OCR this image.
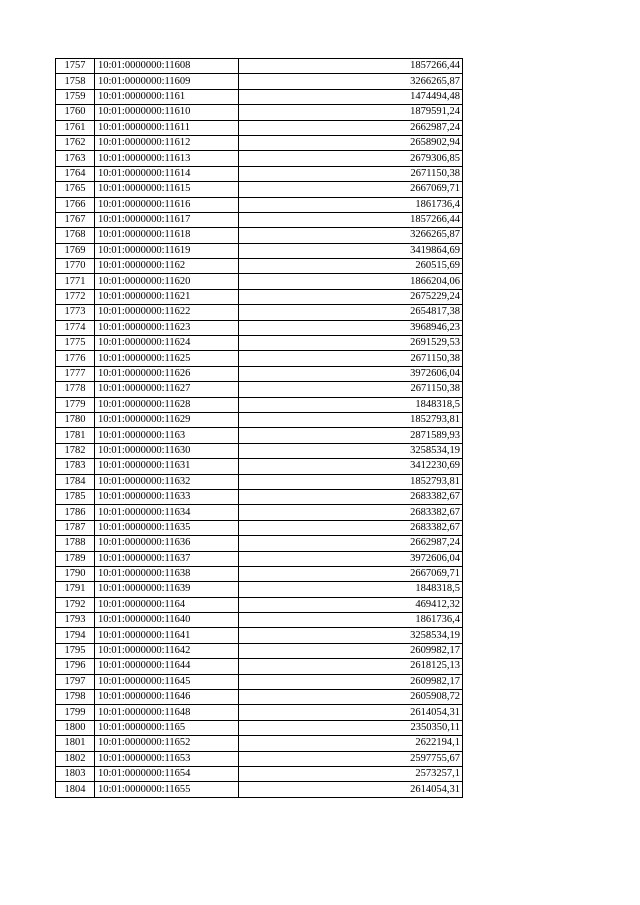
1757	10:01:0000000:11608	1857266,44
1758	10:01:0000000:11609	3266265,87
1759	10:01:0000000:1161	1474494,48
1760	10:01:0000000:11610	1879591,24
1761	10:01:0000000:11611	2662987,24
1762	10:01:0000000:11612	2658902,94
1763	10:01:0000000:11613	2679306,85
1764	10:01:0000000:11614	2671150,38
1765	10:01:0000000:11615	2667069,71
1766	10:01:0000000:11616	1861736,4
1767	10:01:0000000:11617	1857266,44
1768	10:01:0000000:11618	3266265,87
1769	10:01:0000000:11619	3419864,69
1770	10:01:0000000:1162	260515,69
1771	10:01:0000000:11620	1866204,06
1772	10:01:0000000:11621	2675229,24
1773	10:01:0000000:11622	2654817,38
1774	10:01:0000000:11623	3968946,23
1775	10:01:0000000:11624	2691529,53
1776	10:01:0000000:11625	2671150,38
1777	10:01:0000000:11626	3972606,04
1778	10:01:0000000:11627	2671150,38
1779	10:01:0000000:11628	1848318,5
1780	10:01:0000000:11629	1852793,81
1781	10:01:0000000:1163	2871589,93
1782	10:01:0000000:11630	3258534,19
1783	10:01:0000000:11631	3412230,69
1784	10:01:0000000:11632	1852793,81
1785	10:01:0000000:11633	2683382,67
1786	10:01:0000000:11634	2683382,67
1787	10:01:0000000:11635	2683382,67
1788	10:01:0000000:11636	2662987,24
1789	10:01:0000000:11637	3972606,04
1790	10:01:0000000:11638	2667069,71
1791	10:01:0000000:11639	1848318,5
1792	10:01:0000000:1164	469412,32
1793	10:01:0000000:11640	1861736,4
1794	10:01:0000000:11641	3258534,19
1795	10:01:0000000:11642	2609982,17
1796	10:01:0000000:11644	2618125,13
1797	10:01:0000000:11645	2609982,17
1798	10:01:0000000:11646	2605908,72
1799	10:01:0000000:11648	2614054,31
1800	10:01:0000000:1165	2350350,11
1801	10:01:0000000:11652	2622194,1
1802	10:01:0000000:11653	2597755,67
1803	10:01:0000000:11654	2573257,1
1804	10:01:0000000:11655	2614054,31
